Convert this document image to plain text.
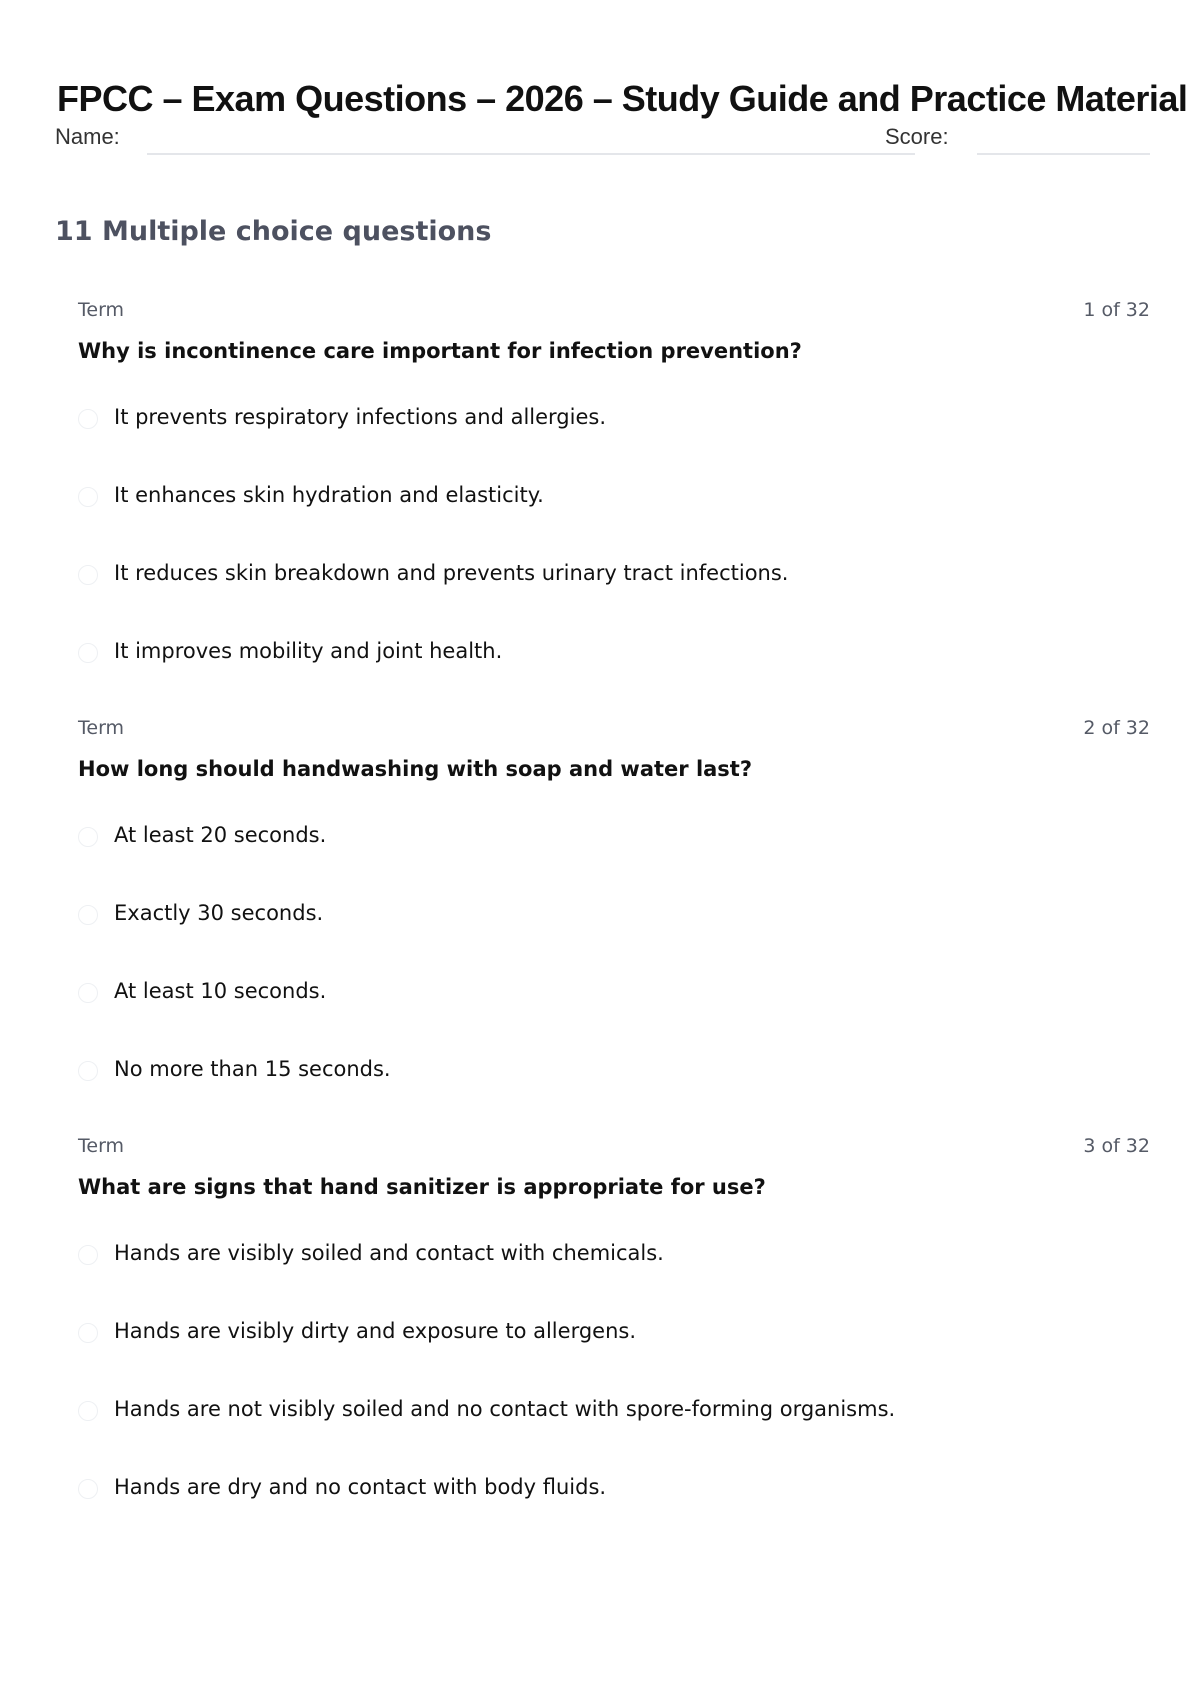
FPCC – Exam Questions – 2026 – Study Guide and Practice Material
Name:	Score:
11 Multiple choice questions
Term	1 of 32
Why is incontinence care important for infection prevention?
It prevents respiratory infections and allergies.
It enhances skin hydration and elasticity.
It reduces skin breakdown and prevents urinary tract infections.
It improves mobility and joint health.
Term	2 of 32
How long should handwashing with soap and water last?
At least 20 seconds.
Exactly 30 seconds.
At least 10 seconds.
No more than 15 seconds.
Term	3 of 32
What are signs that hand sanitizer is appropriate for use?
Hands are visibly soiled and contact with chemicals.
Hands are visibly dirty and exposure to allergens.
Hands are not visibly soiled and no contact with spore-forming organisms.
Hands are dry and no contact with body fluids.
